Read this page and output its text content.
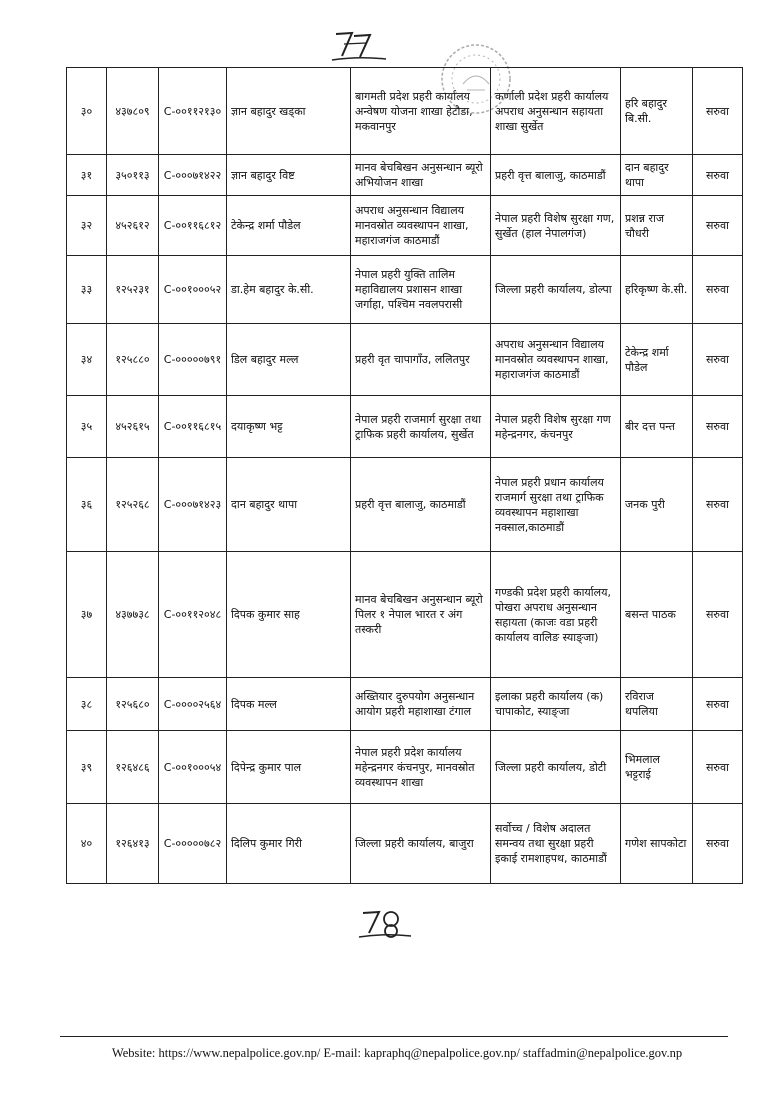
३०	४३७८०९	C-००११२१३०	ज्ञान बहादुर खड्का	बागमती प्रदेश प्रहरी कार्यालय अन्वेषण योजना शाखा हेटौडा, मकवानपुर	कर्णाली प्रदेश प्रहरी कार्यालय अपराध अनुसन्धान सहायता शाखा सुर्खेत	हरि बहादुर बि.सी.	सरुवा
३१	३५०११३	C-०००७१४२२	ज्ञान बहादुर विष्ट	मानव बेचबिखन अनुसन्धान ब्यूरो अभियोजन शाखा	प्रहरी वृत्त बालाजु, काठमाडौं	दान बहादुर थापा	सरुवा
३२	४५२६१२	C-००११६८१२	टेकेन्द्र शर्मा पौडेल	अपराध अनुसन्धान विद्यालय मानवस्रोत व्यवस्थापन शाखा, महाराजगंज काठमाडौं	नेपाल प्रहरी विशेष सुरक्षा गण, सुर्खेत (हाल नेपालगंज)	प्रशन्न राज चौधरी	सरुवा
३३	१२५२३१	C-००१०००५२	डा.हेम बहादुर के.सी.	नेपाल प्रहरी युक्ति तालिम महाविद्यालय प्रशासन शाखा जर्गाहा, पश्चिम नवलपरासी	जिल्ला प्रहरी कार्यालय, डोल्पा	हरिकृष्ण के.सी.	सरुवा
३४	१२५८८०	C-०००००७९१	डिल बहादुर मल्ल	प्रहरी वृत चापागाँउ, ललितपुर	अपराध अनुसन्धान विद्यालय मानवस्रोत व्यवस्थापन शाखा, महाराजगंज काठमाडौं	टेकेन्द्र शर्मा पौडेल	सरुवा
३५	४५२६१५	C-००११६८१५	दयाकृष्ण भट्ट	नेपाल प्रहरी राजमार्ग सुरक्षा तथा ट्राफिक प्रहरी कार्यालय, सुर्खेत	नेपाल प्रहरी विशेष सुरक्षा गण महेन्द्रनगर, कंचनपुर	बीर दत्त पन्त	सरुवा
३६	१२५२६८	C-०००७१४२३	दान बहादुर थापा	प्रहरी वृत्त बालाजु, काठमाडौं	नेपाल प्रहरी प्रधान कार्यालय राजमार्ग सुरक्षा तथा ट्राफिक व्यवस्थापन महाशाखा नक्साल,काठमाडौं	जनक पुरी	सरुवा
३७	४३७७३८	C-००११२०४८	दिपक कुमार साह	मानव बेचबिखन अनुसन्धान ब्यूरो पिलर १ नेपाल भारत र अंग तस्करी	गण्डकी प्रदेश प्रहरी कार्यालय, पोखरा अपराध अनुसन्धान सहायता (काजः वडा प्रहरी कार्यालय वालिङ स्याङ्जा)	बसन्त पाठक	सरुवा
३८	१२५६८०	C-००००२५६४	दिपक मल्ल	अख्तियार दुरुपयोग अनुसन्धान आयोग प्रहरी महाशाखा टंगाल	इलाका प्रहरी कार्यालय (क) चापाकोट, स्याङ्जा	रविराज थपलिया	सरुवा
३९	१२६४८६	C-००१०००५४	दिपेन्द्र कुमार पाल	नेपाल प्रहरी प्रदेश कार्यालय महेन्द्रनगर कंचनपुर, मानवस्रोत व्यवस्थापन शाखा	जिल्ला प्रहरी कार्यालय, डोटी	भिमलाल भट्टराई	सरुवा
४०	१२६४१३	C-०००००७८२	दिलिप कुमार गिरी	जिल्ला प्रहरी कार्यालय, बाजुरा	सर्वोच्च / विशेष अदालत समन्वय तथा सुरक्षा प्रहरी इकाई रामशाहपथ, काठमाडौं	गणेश सापकोटा	सरुवा
Website: https://www.nepalpolice.gov.np/ E-mail: kapraphq@nepalpolice.gov.np/ staffadmin@nepalpolice.gov.np
